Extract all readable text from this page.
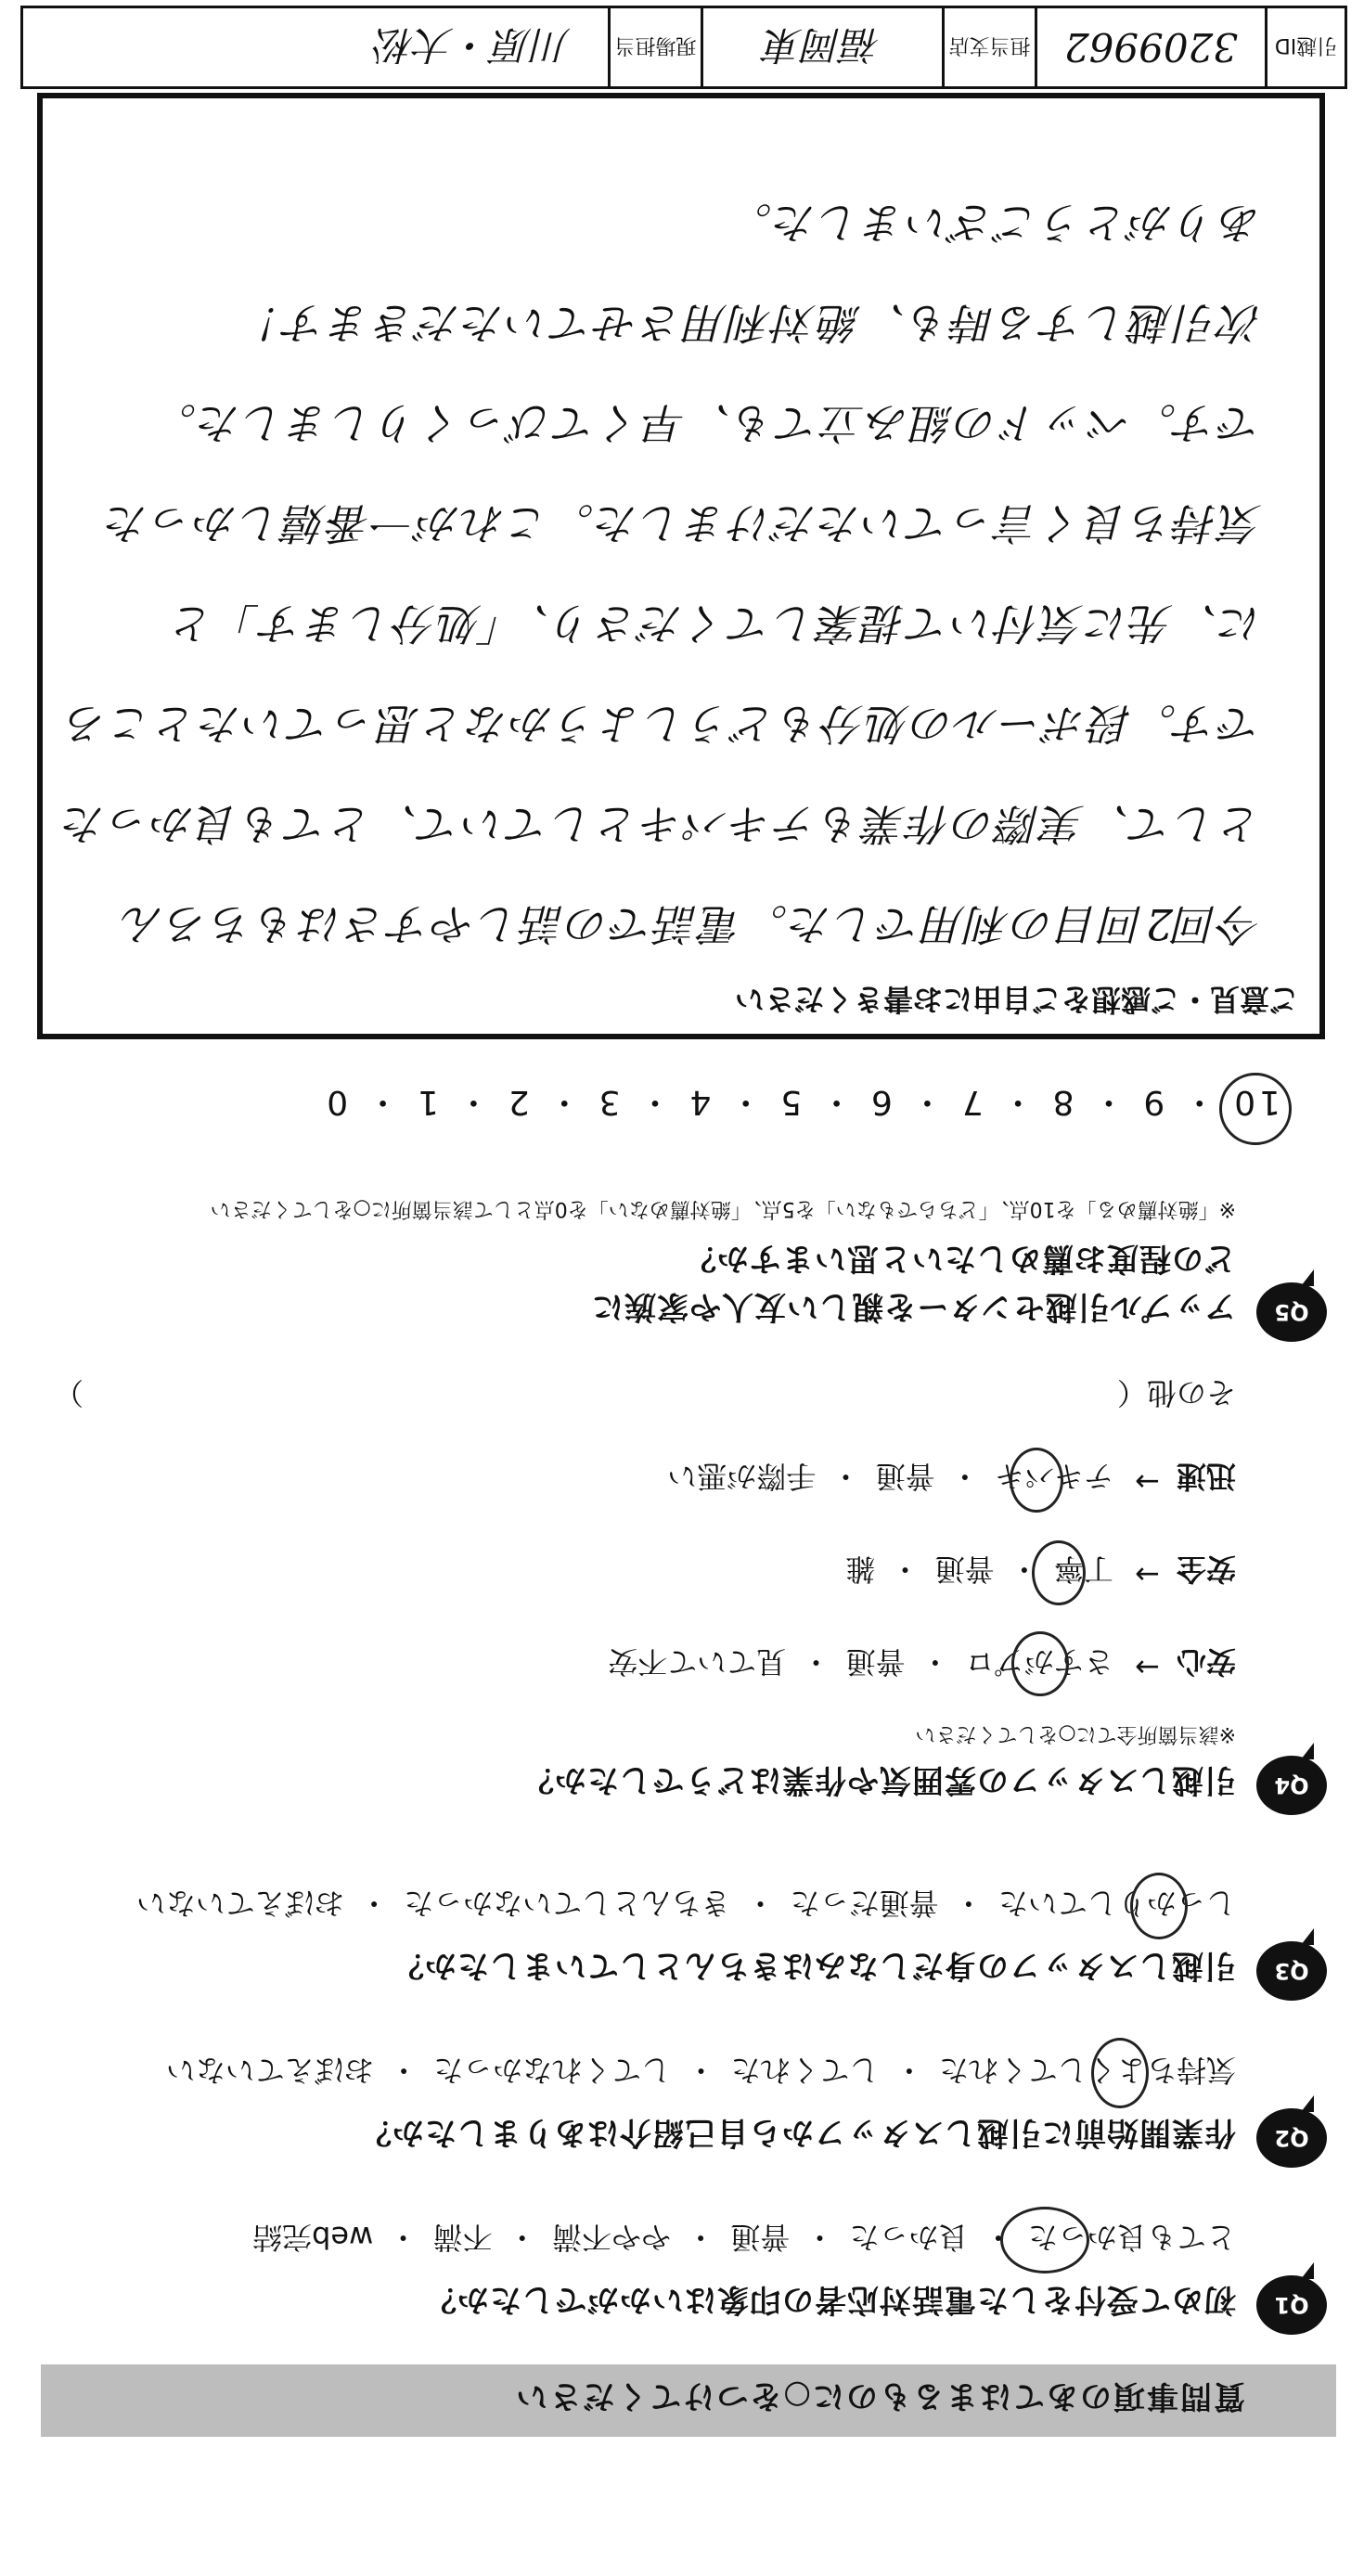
質問事項のあてはまるものに○をつけてください
Q1
初めて受付をした電話対応者の印象はいかがでしたか？
とても良かった ・ 良かった ・ 普通 ・ やや不満 ・ 不満 ・ web完結
Q2
作業開始前に引越しスタッフから自己紹介はありましたか？
気持ちよくしてくれた ・ してくれた ・ してくれなかった ・ おぼえていない
Q3
引越しスタッフの身だしなみはきちんとしていましたか？
しっかりしていた ・ 普通だった ・ きちんとしていなかった ・ おぼえていない
Q4
引越しスタッフの雰囲気や作業はどうでしたか？
※該当箇所全てに○をしてください
安心
→
さすがプロ ・ 普通 ・ 見ていて不安
安全
→
丁寧 ・ 普通 ・ 雑
迅速
→
テキパキ ・ 普通 ・ 手際が悪い
その他（
）
Q5
アップル引越センターを親しい友人や家族に
どの程度お薦めしたいと思いますか？
※「絶対薦める」を10点、「どちらでもない」を5点、「絶対薦めない」を0点として該当箇所に○をしてください
10 ・ 9 ・ 8 ・ 7 ・ 6 ・ 5 ・ 4 ・ 3 ・ 2 ・ 1 ・ 0
ご意見・ご感想をご自由にお書きください
今回2回目の利用でした。電話での話しやすさはもちろん
として、実際の作業もテキパキとしていて、とても良かった
です。段ボールの処分もどうしようかなと思っていたところ
に、先に気付いて提案してくださり、「処分します」と
気持ち良く言っていただけました。これが一番嬉しかった
です。ベッドの組み立ても、早くてびっくりしました。
次引越しする時も、絶対利用させていただきます！
ありがとうございました。
引越ID
3209962
担当支店
福岡東
現場担当
川原・大松
